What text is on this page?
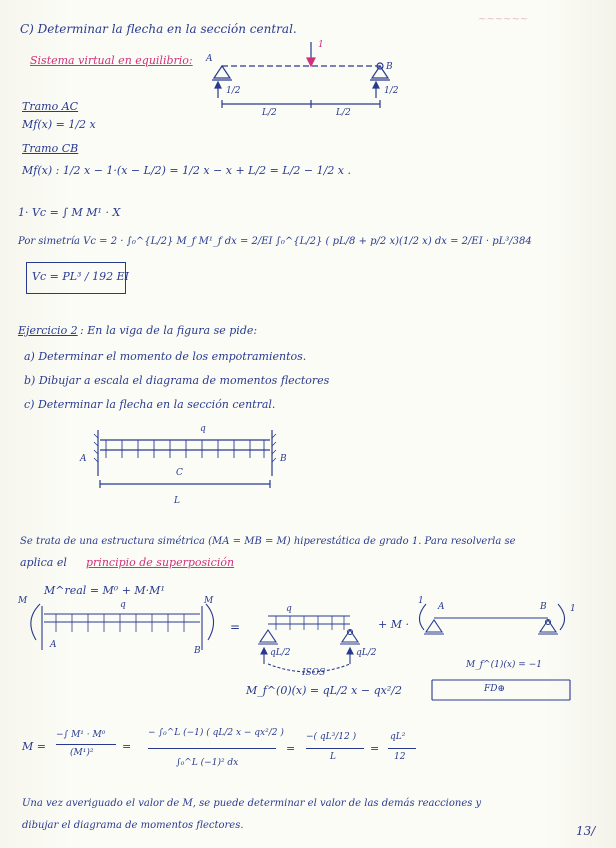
~~~~~~
C) Determinar la flecha en la sección central.
Sistema virtual en equilibrio: A
B
1
1/2	1/2
L/2	L/2
Tramo AC
Mf(x) = 1/2 x
Tramo CB
Mf(x) : 1/2 x − 1·(x − L/2) = 1/2 x − x + L/2 = L/2 − 1/2 x .
1· Vc = ∫ M M¹ · X
Por simetría Vc = 2 · ∫₀^{L/2} M_f M¹_f dx = 2/EI ∫₀^{L/2} ( pL/8 + p/2 x)(1/2 x) dx = 2/EI · pL³/384
Vc = PL³ / 192 EI
Ejercicio 2 : En la viga de la figura se pide:
a) Determinar el momento de los empotramientos.
b) Dibujar a escala el diagrama de momentos flectores
c) Determinar la flecha en la sección central.
q
A	B
C
L
Se trata de una estructura simétrica (MA = MB = M) hiperestática de grado 1. Para resolverla se
aplica el principio de superposición
M^real = M⁰ + M·M¹
M	M
q
A
B
=
q
qL/2	qL/2
ISOS
+ M ·
1
A	B	1
M_f^(1)(x) = −1
FD⊕
M_f^(0)(x) = qL/2 x − qx²/2
M =
−∫ M¹ · M⁰
(M¹)²	=
− ∫₀^L (−1) ( qL/2 x − qx²/2 )
∫₀^L (−1)² dx
=
−( qL³/12 )
L
=
qL²
12
Una vez averiguado el valor de M, se puede determinar el valor de las demás reacciones y
dibujar el diagrama de momentos flectores.	13/
